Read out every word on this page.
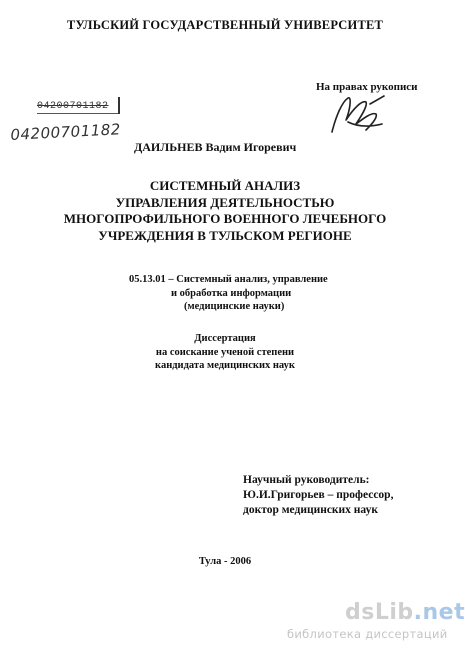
ТУЛЬСКИЙ ГОСУДАРСТВЕННЫЙ УНИВЕРСИТЕТ
На правах рукописи
04200701182
04200701182
ДАИЛЬНЕВ Вадим Игоревич
СИСТЕМНЫЙ АНАЛИЗ
УПРАВЛЕНИЯ ДЕЯТЕЛЬНОСТЬЮ
МНОГОПРОФИЛЬНОГО ВОЕННОГО ЛЕЧЕБНОГО
УЧРЕЖДЕНИЯ В ТУЛЬСКОМ РЕГИОНЕ
05.13.01 – Системный анализ, управление
и обработка информации
(медицинские науки)
Диссертация
на соискание ученой степени
кандидата медицинских наук
Научный руководитель:
Ю.И.Григорьев – профессор,
доктор медицинских наук
Тула - 2006
dsLib.net
библиотека диссертаций
